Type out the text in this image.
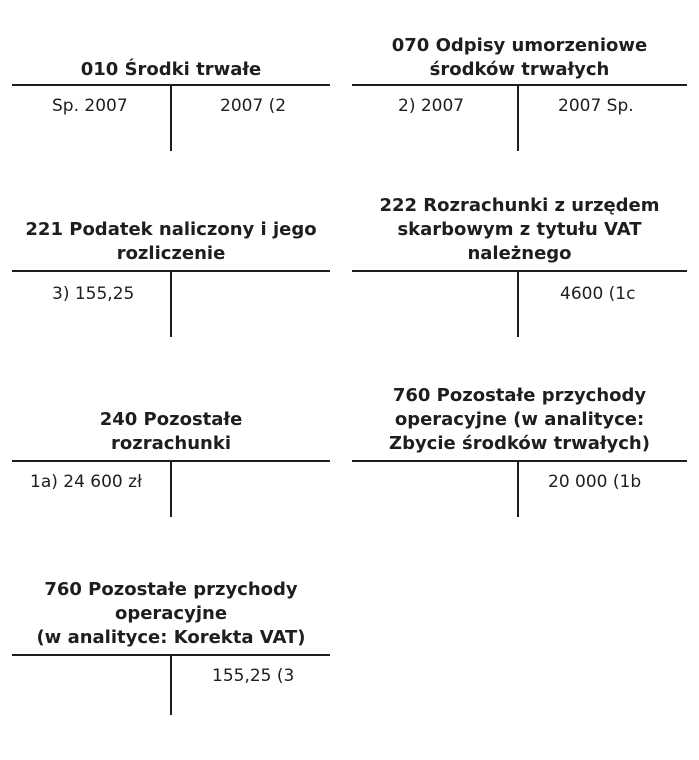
010 Środki trwałe
Sp. 2007	2007 (2
070 Odpisy umorzeniowe
środków trwałych
2) 2007	2007 Sp.
221 Podatek naliczony i jego
rozliczenie
3) 155,25
222 Rozrachunki z urzędem
skarbowym z tytułu VAT
należnego
4600 (1c
240 Pozostałe
rozrachunki
1a) 24 600 zł
760 Pozostałe przychody
operacyjne (w analityce:
Zbycie środków trwałych)
20 000 (1b
760 Pozostałe przychody
operacyjne
(w analityce: Korekta VAT)
155,25 (3
